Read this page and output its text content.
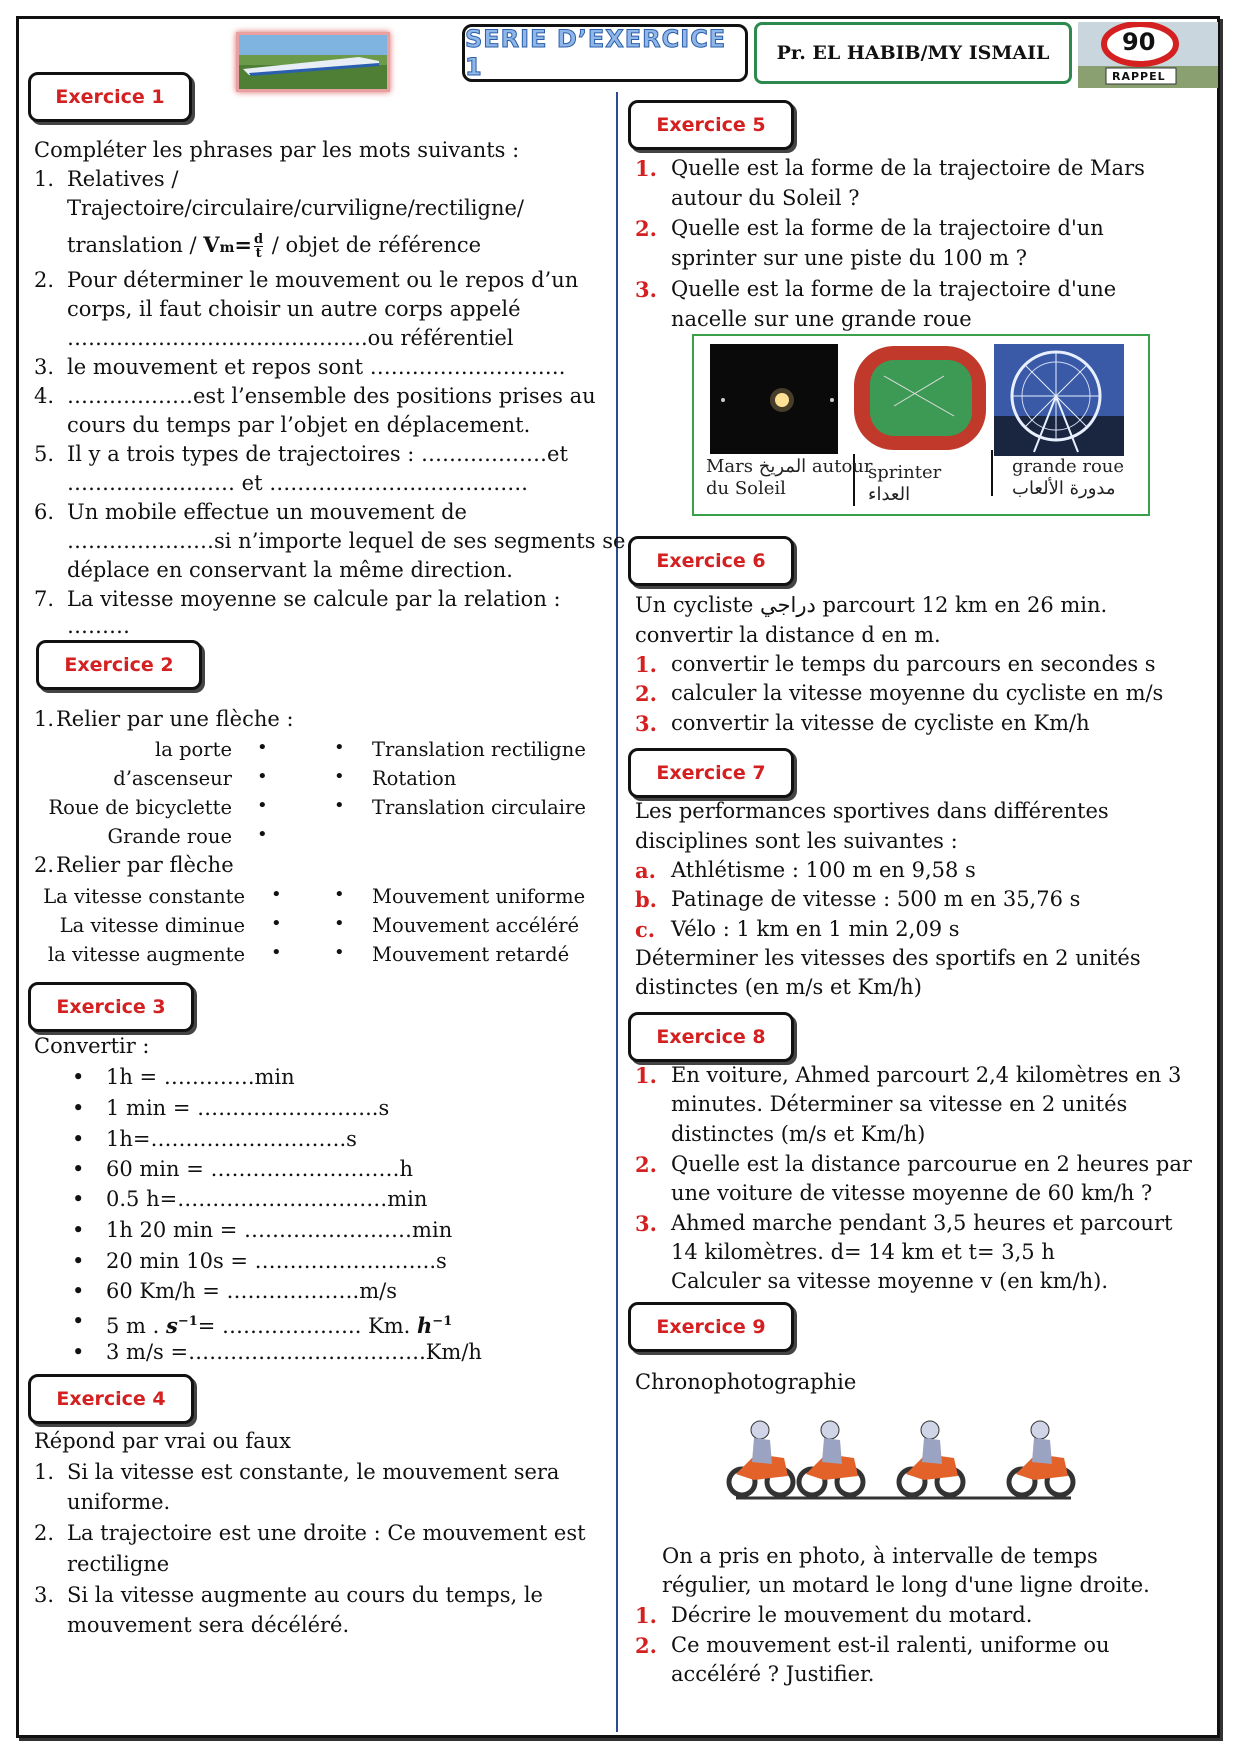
SERIE D’EXERCICE 1	Pr. EL HABIB/MY ISMAIL	90
RAPPEL
Exercice 1
Compléter les phrases par les mots suivants :
1. Relatives /
Trajectoire/circulaire/curviligne/rectiligne/
translation / $Vm= \frac{d}{t}$ / objet de référence
2. Pour déterminer le mouvement ou le repos d’un
corps, il faut choisir un autre corps appelé
…………………………………….ou référentiel
3. le mouvement et repos sont ……………………….
4. ………………est l’ensemble des positions prises au
cours du temps par l’objet en déplacement.
5. Il y a trois types de trajectoires : ………………et
…………………… et ……………………………….
6. Un mobile effectue un mouvement de
…………………si n’importe lequel de ses segments se
déplace en conservant la même direction.
7. La vitesse moyenne se calcule par la relation :
………
Exercice 2
1. Relier par une flèche :
la porte
d’ascenseur
Roue de bicyclette
Grande roue
•
•
•
•
•
•
•
Translation rectiligne
Rotation
Translation circulaire
2. Relier par flèche
La vitesse constante
La vitesse diminue
la vitesse augmente
•
•
•
•
•
•
Mouvement uniforme
Mouvement accéléré
Mouvement retardé
Exercice 3
Convertir :
• 1h = ………….min
• 1 min = ……………………..s
• 1h=……………………….s
• 60 min = ………………………h
• 0.5 h=…………………………min
• 1h 20 min = ……………………min
• 20 min 10s = ……………………..s
• 60 Km/h = ……………….m/s
• 5 m . $s^{-1}=$ ……………….. Km. $h^{-1}$
• 3 m/s =…………………………….Km/h
Exercice 4
Répond par vrai ou faux
1. Si la vitesse est constante, le mouvement sera
uniforme.
2. La trajectoire est une droite : Ce mouvement est
rectiligne
3. Si la vitesse augmente au cours du temps, le
mouvement sera décéléré.
Exercice 5
1. Quelle est la forme de la trajectoire de Mars
autour du Soleil ?
2. Quelle est la forme de la trajectoire d'un
sprinter sur une piste du 100 m ?
3. Quelle est la forme de la trajectoire d'une
nacelle sur une grande roue
Mars المريخ autour
du Soleil
sprinter
العداء
grande roue
مدورة الألعاب
Exercice 6
Un cycliste دراجي parcourt 12 km en 26 min.
convertir la distance d en m.
1. convertir le temps du parcours en secondes s
2. calculer la vitesse moyenne du cycliste en m/s
3. convertir la vitesse de cycliste en Km/h
Exercice 7
Les performances sportives dans différentes
disciplines sont les suivantes :
a. Athlétisme : 100 m en 9,58 s
b. Patinage de vitesse : 500 m en 35,76 s
c. Vélo : 1 km en 1 min 2,09 s
Déterminer les vitesses des sportifs en 2 unités
distinctes (en m/s et Km/h)
Exercice 8
1. En voiture, Ahmed parcourt 2,4 kilomètres en 3
minutes. Déterminer sa vitesse en 2 unités
distinctes (m/s et Km/h)
2. Quelle est la distance parcourue en 2 heures par
une voiture de vitesse moyenne de 60 km/h ?
3. Ahmed marche pendant 3,5 heures et parcourt
14 kilomètres. d= 14 km et t= 3,5 h
Calculer sa vitesse moyenne v (en km/h).
Exercice 9
Chronophotographie
On a pris en photo, à intervalle de temps
régulier, un motard le long d'une ligne droite.
1. Décrire le mouvement du motard.
2. Ce mouvement est-il ralenti, uniforme ou
accéléré ? Justifier.
